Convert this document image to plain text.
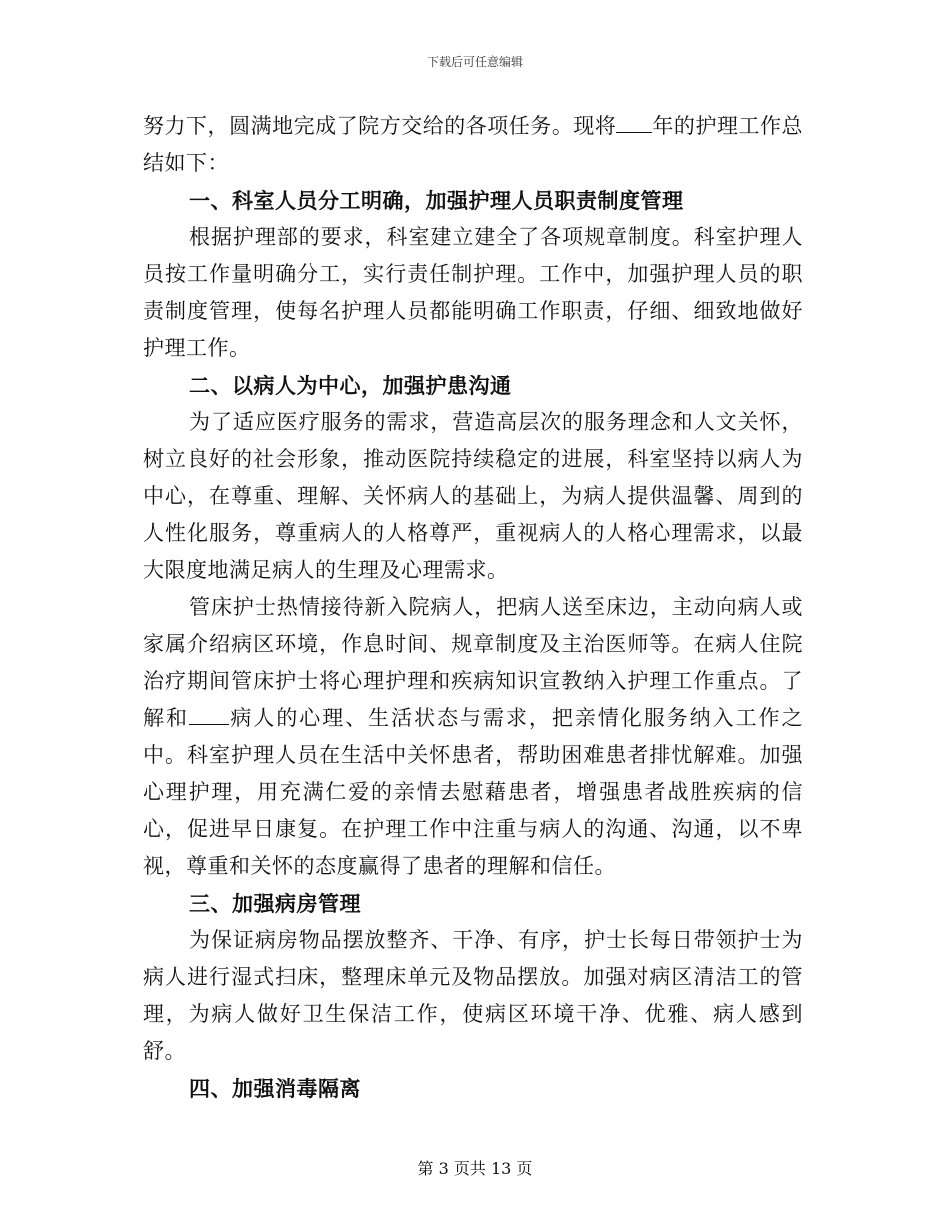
下载后可任意编辑

努力下，圆满地完成了院方交给的各项任务。现将 年的护理工作总结如下：

一、科室人员分工明确，加强护理人员职责制度管理

根据护理部的要求，科室建立建全了各项规章制度。科室护理人员按工作量明确分工，实行责任制护理。工作中，加强护理人员的职责制度管理，使每名护理人员都能明确工作职责，仔细、细致地做好护理工作。

二、以病人为中心，加强护患沟通

为了适应医疗服务的需求，营造高层次的服务理念和人文关怀，树立良好的社会形象，推动医院持续稳定的进展，科室坚持以病人为中心，在尊重、理解、关怀病人的基础上，为病人提供温馨、周到的人性化服务，尊重病人的人格尊严，重视病人的人格心理需求，以最大限度地满足病人的生理及心理需求。

管床护士热情接待新入院病人，把病人送至床边，主动向病人或家属介绍病区环境，作息时间、规章制度及主治医师等。在病人住院治疗期间管床护士将心理护理和疾病知识宣教纳入护理工作重点。了解和 病人的心理、生活状态与需求，把亲情化服务纳入工作之中。科室护理人员在生活中关怀患者，帮助困难患者排忧解难。加强心理护理，用充满仁爱的亲情去慰藉患者，增强患者战胜疾病的信心，促进早日康复。在护理工作中注重与病人的沟通、沟通，以不卑视，尊重和关怀的态度赢得了患者的理解和信任。

三、加强病房管理

为保证病房物品摆放整齐、干净、有序，护士长每日带领护士为病人进行湿式扫床，整理床单元及物品摆放。加强对病区清洁工的管理，为病人做好卫生保洁工作，使病区环境干净、优雅、病人感到舒。

四、加强消毒隔离

第 3 页共 13 页
